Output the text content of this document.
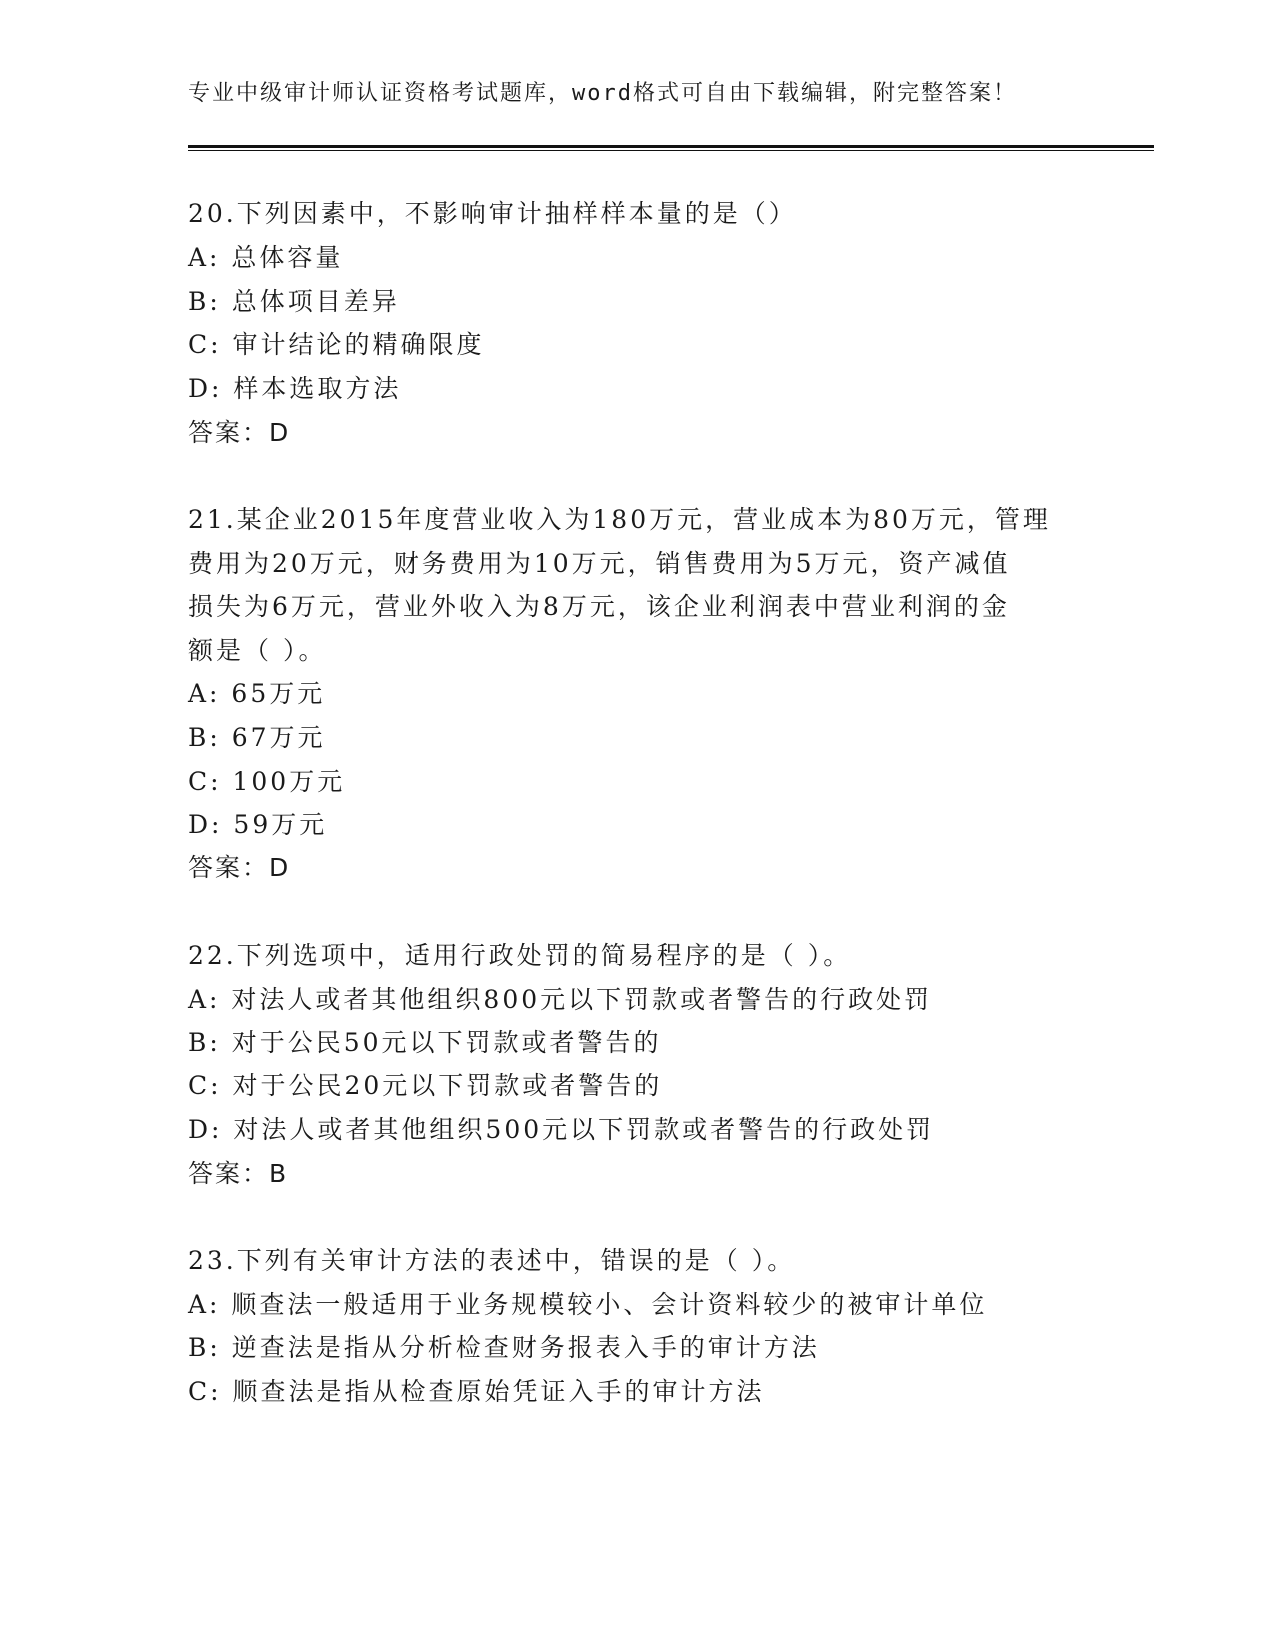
专业中级审计师认证资格考试题库，word格式可自由下载编辑，附完整答案！
20.下列因素中，不影响审计抽样样本量的是（）
A: 总体容量
B: 总体项目差异
C: 审计结论的精确限度
D: 样本选取方法
答案：D
21.某企业2015年度营业收入为180万元，营业成本为80万元，管理
费用为20万元，财务费用为10万元，销售费用为5万元，资产减值
损失为6万元，营业外收入为8万元，该企业利润表中营业利润的金
额是（ ）。
A: 65万元
B: 67万元
C: 100万元
D: 59万元
答案：D
22.下列选项中，适用行政处罚的简易程序的是（ ）。
A: 对法人或者其他组织800元以下罚款或者警告的行政处罚
B: 对于公民50元以下罚款或者警告的
C: 对于公民20元以下罚款或者警告的
D: 对法人或者其他组织500元以下罚款或者警告的行政处罚
答案：B
23.下列有关审计方法的表述中，错误的是（ ）。
A: 顺查法一般适用于业务规模较小、会计资料较少的被审计单位
B: 逆查法是指从分析检查财务报表入手的审计方法
C: 顺查法是指从检查原始凭证入手的审计方法
